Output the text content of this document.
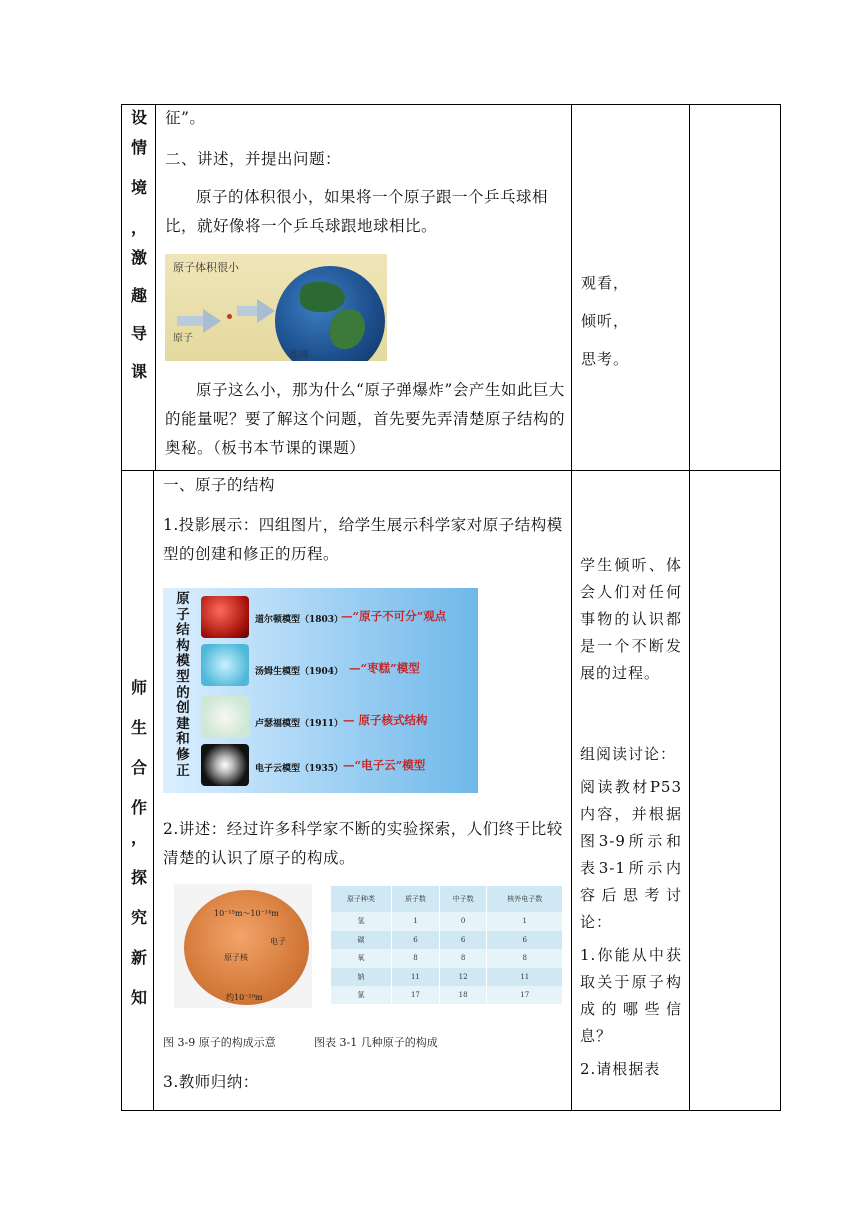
设
情
境
，
激
趣
导
课
征”。
二、讲述，并提出问题：
原子的体积很小，如果将一个原子跟一个乒乓球相比，就好像将一个乒乓球跟地球相比。
原子体积很小
原子
地球
原子这么小，那为什么“原子弹爆炸”会产生如此巨大的能量呢？要了解这个问题，首先要先弄清楚原子结构的奥秘。（板书本节课的课题）
观看，
倾听，
思考。
师
生
合
作
，
探
究
新
知
一、原子的结构
1.投影展示：四组图片，给学生展示科学家对原子结构模型的创建和修正的历程。
原子结构模型的创建和修正
道尔顿模型（1803）
—“原子不可分”观点
汤姆生模型（1904） —“枣糕”模型
卢瑟福模型（1911） — 原子核式结构
电子云模型（1935） —“电子云”模型
2.讲述：经过许多科学家不断的实验探索，人们终于比较清楚的认识了原子的构成。
10⁻¹⁵m～10⁻¹⁴m
原子核
电子
约10⁻¹⁰m
原子种类	质子数	中子数	核外电子数
氢	1	0	1
碳	6	6	6
氧	8	8	8
钠	11	12	11
氯	17	18	17
图 3-9 原子的构成示意	图表 3-1 几种原子的构成
3.教师归纳：
学生倾听、体会人们对任何事物的认识都是一个不断发展的过程。
组阅读讨论：
阅读教材P53内容，并根据图3-9所示和表3-1所示内容后思考讨论：
1.你能从中获取关于原子构成的哪些信息？
2.请根据表
